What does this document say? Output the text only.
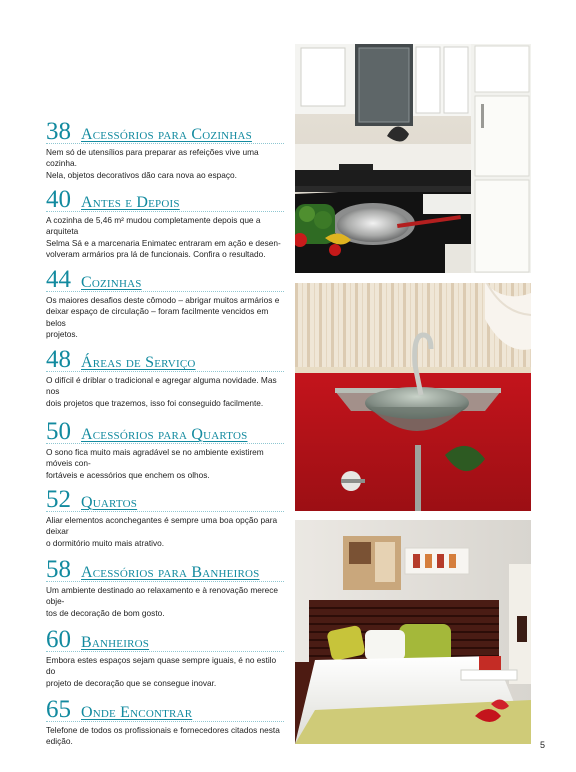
38 Acessórios para Cozinhas
Nem só de utensílios para preparar as refeições vive uma cozinha.
Nela, objetos decorativos dão cara nova ao espaço.
40 Antes e Depois
A cozinha de 5,46 m² mudou completamente depois que a arquiteta
Selma Sá e a marcenaria Enimatec entraram em ação e desen-
volveram armários pra lá de funcionais. Confira o resultado.
44 Cozinhas
Os maiores desafios deste cômodo – abrigar muitos armários e
deixar espaço de circulação – foram facilmente vencidos em belos
projetos.
48 Áreas de Serviço
O difícil é driblar o tradicional e agregar alguma novidade. Mas nos
dois projetos que trazemos, isso foi conseguido facilmente.
50 Acessórios para Quartos
O sono fica muito mais agradável se no ambiente existirem móveis con-
fortáveis e acessórios que enchem os olhos.
52 Quartos
Aliar elementos aconchegantes é sempre uma boa opção para deixar
o dormitório muito mais atrativo.
58 Acessórios para Banheiros
Um ambiente destinado ao relaxamento e à renovação merece obje-
tos de decoração de bom gosto.
60 Banheiros
Embora estes espaços sejam quase sempre iguais, é no estilo do
projeto de decoração que se consegue inovar.
65 Onde Encontrar
Telefone de todos os profissionais e fornecedores citados nesta edição.	5
